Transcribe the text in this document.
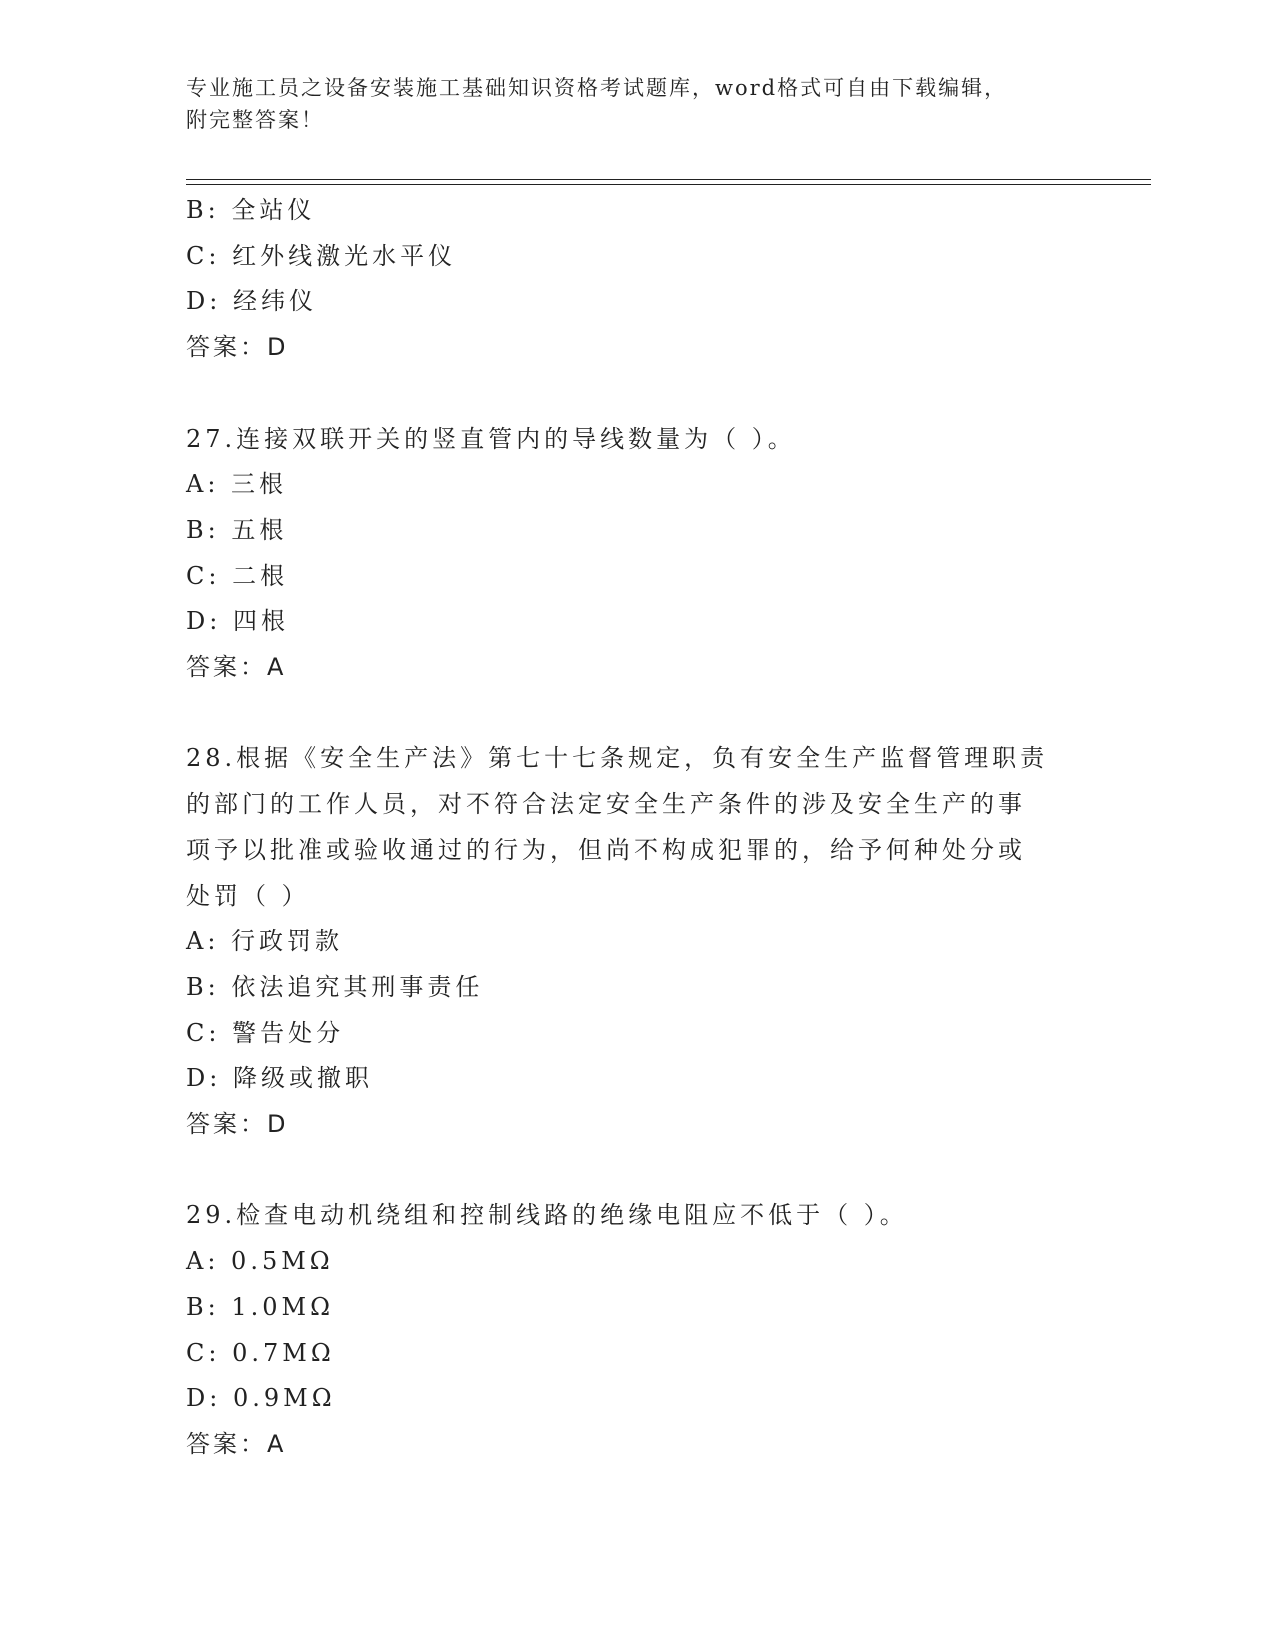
专业施工员之设备安装施工基础知识资格考试题库，word格式可自由下载编辑，
附完整答案！
B: 全站仪
C: 红外线激光水平仪
D: 经纬仪
答案：D
27.连接双联开关的竖直管内的导线数量为（ ）。
A: 三根
B: 五根
C: 二根
D: 四根
答案：A
28.根据《安全生产法》第七十七条规定，负有安全生产监督管理职责
的部门的工作人员，对不符合法定安全生产条件的涉及安全生产的事
项予以批准或验收通过的行为，但尚不构成犯罪的，给予何种处分或
处罚（ ）
A: 行政罚款
B: 依法追究其刑事责任
C: 警告处分
D: 降级或撤职
答案：D
29.检查电动机绕组和控制线路的绝缘电阻应不低于（ ）。
A: 0.5MΩ
B: 1.0MΩ
C: 0.7MΩ
D: 0.9MΩ
答案：A
